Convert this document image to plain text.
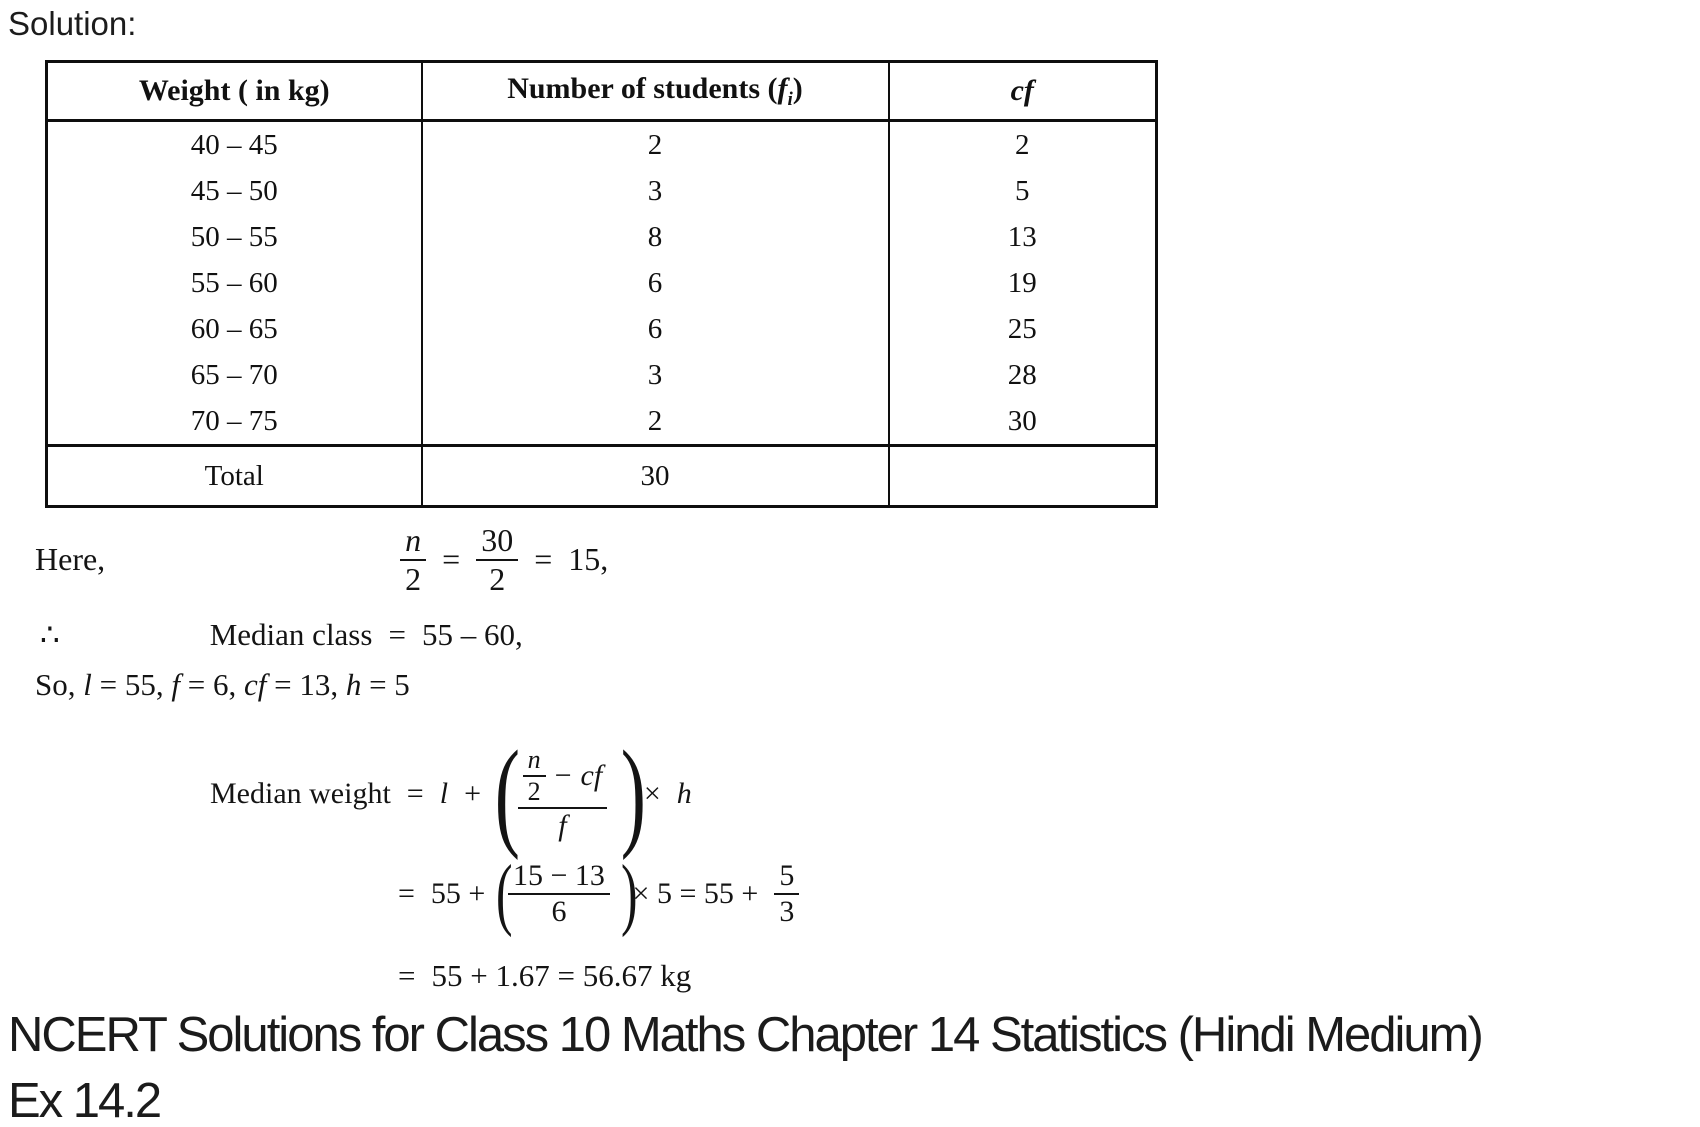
Solution:
Weight ( in kg)	Number of students $(f_i)$	cf
40 – 45	2	2
45 – 50	3	5
50 – 55	8	13
55 – 60	6	19
60 – 65	6	25
65 – 70	3	28
70 – 75	2	30
Total	30	
Here,	$\frac{n}{2} = \frac{30}{2} = 15$,
∴	Median class = 55 – 60,
So, l = 55, f = 6, cf = 13, h = 5
Median weight = l + (
$\frac{\frac{n}{2} - cf}{f}$ )
× h
= 55 + (
$\frac{15 - 13}{6}$ )
× $5 = 55 + \frac{5}{3}$
= 55 + 1.67 = 56.67 kg
NCERT Solutions for Class 10 Maths Chapter 14 Statistics (Hindi Medium)
Ex 14.2
